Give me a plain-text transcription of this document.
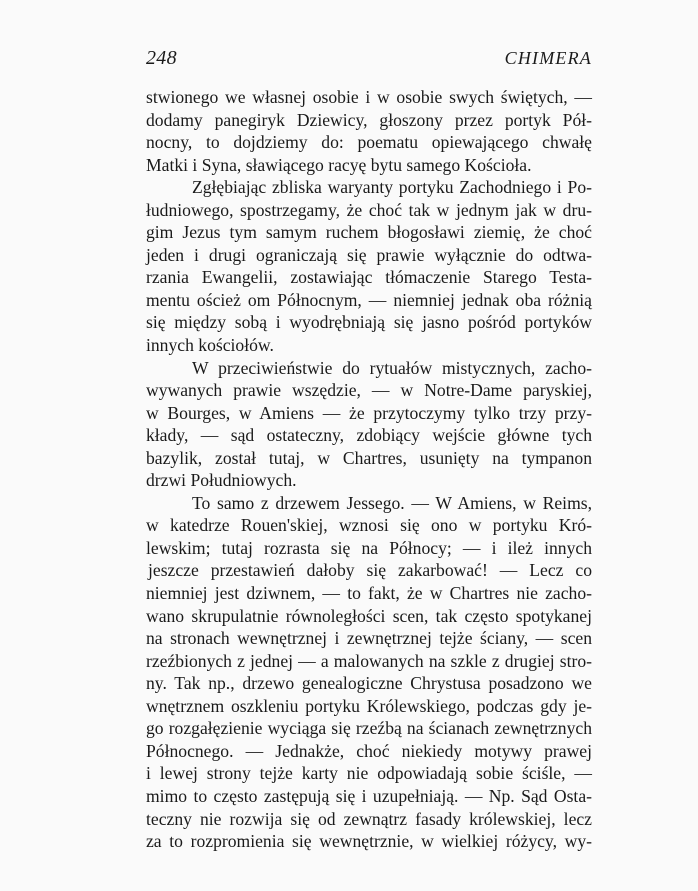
248	CHIMERA
stwionego we własnej osobie i w osobie swych świętych, —
dodamy panegiryk Dziewicy, głoszony przez portyk Pół-
nocny, to dojdziemy do: poematu opiewającego chwałę
Matki i Syna, sławiącego racyę bytu samego Kościoła.
Zgłębiając zbliska waryanty portyku Zachodniego i Po-
łudniowego, spostrzegamy, że choć tak w jednym jak w dru-
gim Jezus tym samym ruchem błogosławi ziemię, że choć
jeden i drugi ograniczają się prawie wyłącznie do odtwa-
rzania Ewangelii, zostawiając tłómaczenie Starego Testa-
mentu oścież om Północnym, — niemniej jednak oba różnią
się między sobą i wyodrębniają się jasno pośród portyków
innych kościołów.
W przeciwieństwie do rytuałów mistycznych, zacho-
wywanych prawie wszędzie, — w Notre-Dame paryskiej,
w Bourges, w Amiens — że przytoczymy tylko trzy przy-
kłady, — sąd ostateczny, zdobiący wejście główne tych
bazylik, został tutaj, w Chartres, usunięty na tympanon
drzwi Południowych.
To samo z drzewem Jessego. — W Amiens, w Reims,
w katedrze Rouen'skiej, wznosi się ono w portyku Kró-
lewskim; tutaj rozrasta się na Północy; — i ileż innych
jeszcze przestawień dałoby się zakarbować! — Lecz co
niemniej jest dziwnem, — to fakt, że w Chartres nie zacho-
wano skrupulatnie równoległości scen, tak często spotykanej
na stronach wewnętrznej i zewnętrznej tejże ściany, — scen
rzeźbionych z jednej — a malowanych na szkle z drugiej stro-
ny. Tak np., drzewo genealogiczne Chrystusa posadzono we
wnętrznem oszkleniu portyku Królewskiego, podczas gdy je-
go rozgałęzienie wyciąga się rzeźbą na ścianach zewnętrznych
Północnego. — Jednakże, choć niekiedy motywy prawej
i lewej strony tejże karty nie odpowiadają sobie ściśle, —
mimo to często zastępują się i uzupełniają. — Np. Sąd Osta-
teczny nie rozwija się od zewnątrz fasady królewskiej, lecz
za to rozpromienia się wewnętrznie, w wielkiej różycy, wy-
